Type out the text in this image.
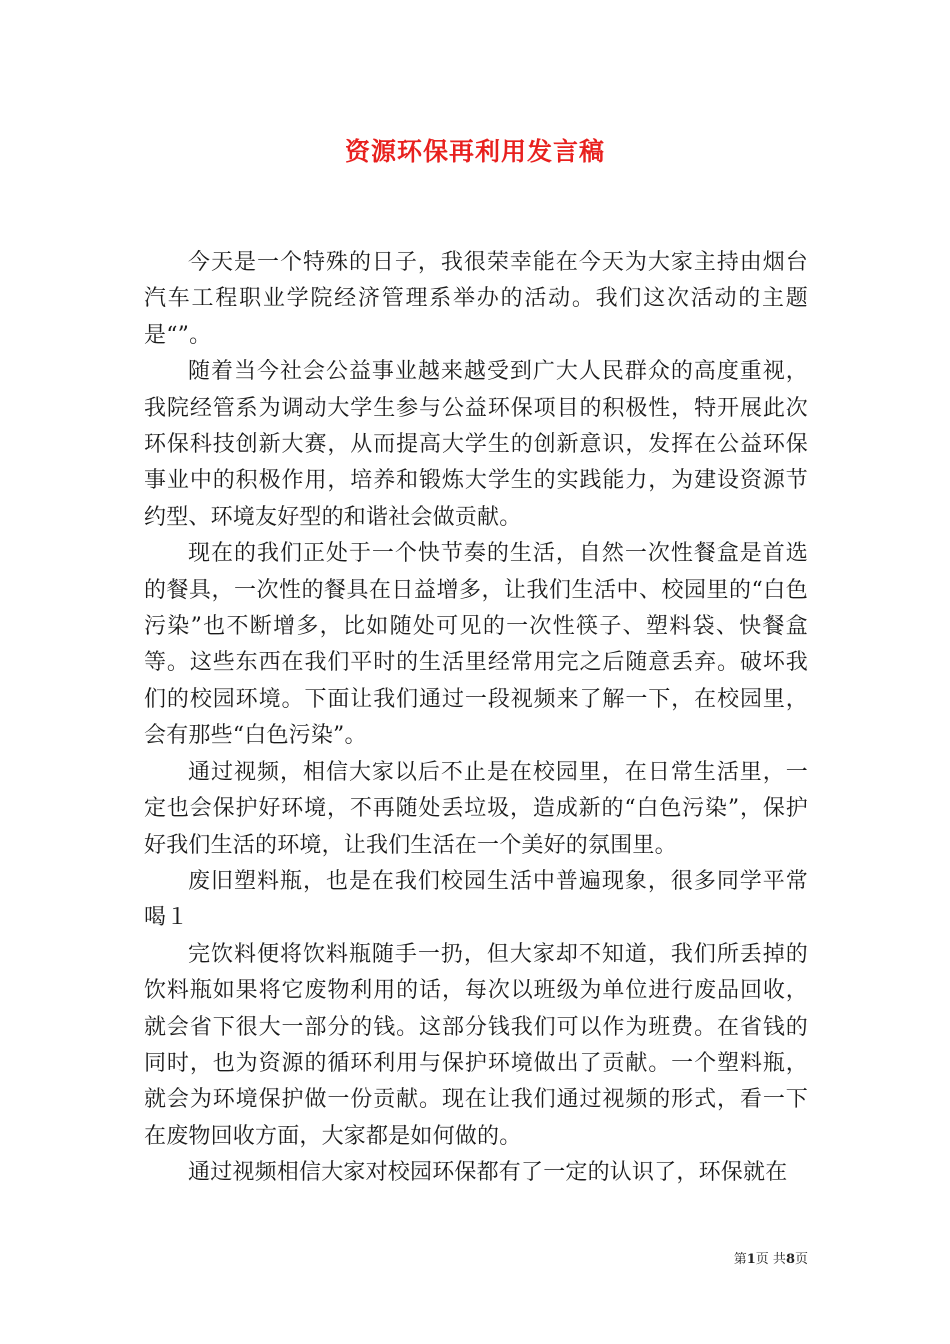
资源环保再利用发言稿

今天是一个特殊的日子，我很荣幸能在今天为大家主持由烟台汽车工程职业学院经济管理系举办的活动。我们这次活动的主题是“”。

随着当今社会公益事业越来越受到广大人民群众的高度重视，我院经管系为调动大学生参与公益环保项目的积极性，特开展此次环保科技创新大赛，从而提高大学生的创新意识，发挥在公益环保事业中的积极作用，培养和锻炼大学生的实践能力，为建设资源节约型、环境友好型的和谐社会做贡献。

现在的我们正处于一个快节奏的生活，自然一次性餐盒是首选的餐具，一次性的餐具在日益增多，让我们生活中、校园里的“白色污染”也不断增多，比如随处可见的一次性筷子、塑料袋、快餐盒等。这些东西在我们平时的生活里经常用完之后随意丢弃。破坏我们的校园环境。下面让我们通过一段视频来了解一下，在校园里，会有那些“白色污染”。

通过视频，相信大家以后不止是在校园里，在日常生活里，一定也会保护好环境，不再随处丢垃圾，造成新的“白色污染”，保护好我们生活的环境，让我们生活在一个美好的氛围里。

废旧塑料瓶，也是在我们校园生活中普遍现象，很多同学平常喝１

完饮料便将饮料瓶随手一扔，但大家却不知道，我们所丢掉的饮料瓶如果将它废物利用的话，每次以班级为单位进行废品回收，就会省下很大一部分的钱。这部分钱我们可以作为班费。在省钱的同时，也为资源的循环利用与保护环境做出了贡献。一个塑料瓶，就会为环境保护做一份贡献。现在让我们通过视频的形式，看一下在废物回收方面，大家都是如何做的。

通过视频相信大家对校园环保都有了一定的认识了，环保就在

第1页 共8页
